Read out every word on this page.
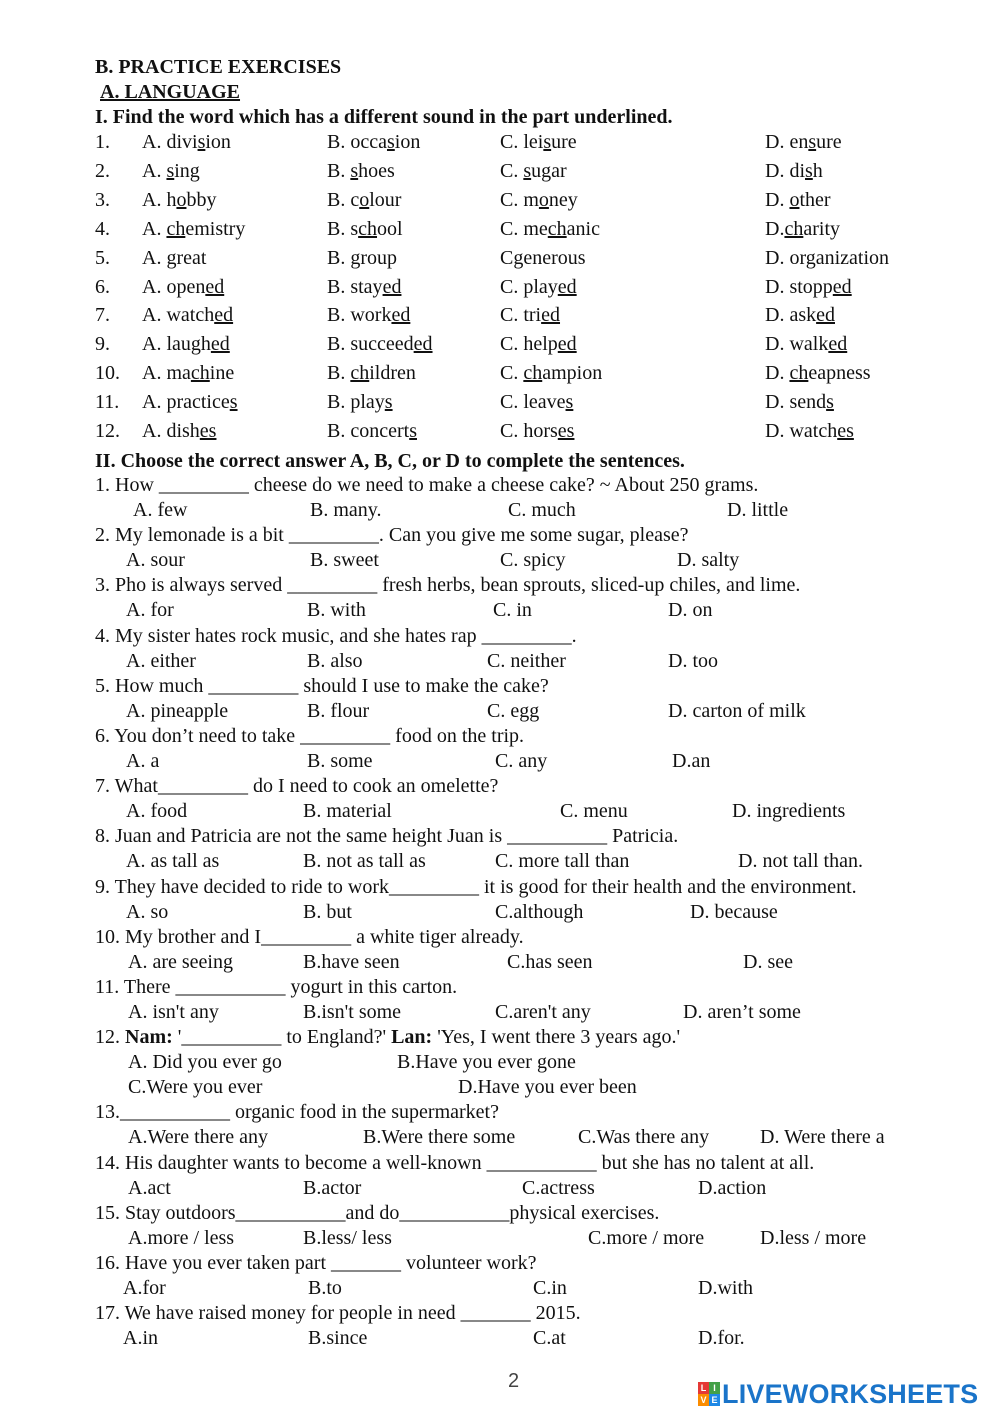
B. PRACTICE EXERCISES
A. LANGUAGE
I. Find the word which has a different sound in the part underlined.
1. A. division	B. occasion	C. leisure	D. ensure
2. A. sing	B. shoes	C. sugar	D. dish
3. A. hobby	B. colour	C. money	D. other
4. A. chemistry	B. school	C. mechanic	D.charity
5. A. great	B. group	Cgenerous	D. organization
6. A. opened	B. stayed	C. played	D. stopped
7. A. watched	B. worked	C. tried	D. asked
9. A. laughed	B. succeeded	C. helped	D. walked
10. A. machine	B. children	C. champion	D. cheapness
11. A. practices	B. plays	C. leaves	D. sends
12. A. dishes	B. concerts	C. horses	D. watches
II. Choose the correct answer A, B, C, or D to complete the sentences.
1. How _________ cheese do we need to make a cheese cake? ~ About 250 grams.
A. few	B. many.	C. much	D. little
2. My lemonade is a bit _________. Can you give me some sugar, please?
A. sour	B. sweet	C. spicy	D. salty
3. Pho is always served _________ fresh herbs, bean sprouts, sliced-up chiles, and lime.
A. for	B. with	C. in	D. on
4. My sister hates rock music, and she hates rap _________.
A. either	B. also	C. neither	D. too
5. How much _________ should I use to make the cake?
A. pineapple	B. flour	C. egg	D. carton of milk
6. You don’t need to take _________ food on the trip.
A. a	B. some	C. any	D.an
7. What_________ do I need to cook an omelette?
A. food	B. material	C. menu	D. ingredients
8. Juan and Patricia are not the same height Juan is __________ Patricia.
A. as tall as	B. not as tall as	C. more tall than	D. not tall than.
9. They have decided to ride to work_________ it is good for their health and the environment.
A. so	B. but	C.although	D. because
10. My brother and I_________ a white tiger already.
A. are seeing	B.have seen	C.has seen	D. see
11. There ___________ yogurt in this carton.
A. isn't any	B.isn't some	C.aren't any	D. aren’t some
12. Nam: '__________ to England?' Lan: 'Yes, I went there 3 years ago.'
A. Did you ever go	B.Have you ever gone
C.Were you ever	D.Have you ever been
13.___________ organic food in the supermarket?
A.Were there any	B.Were there some	C.Was there any	D. Were there a
14. His daughter wants to become a well-known ___________ but she has no talent at all.
A.act	B.actor	C.actress	D.action
15. Stay outdoors___________and do___________physical exercises.
A.more / less	B.less/ less	C.more / more	D.less / more
16. Have you ever taken part _______ volunteer work?
A.for	B.to	C.in	D.with
17. We have raised money for people in need _______ 2015.
A.in	B.since	C.at	D.for.
2	L I
V E LIVEWORKSHEETS
